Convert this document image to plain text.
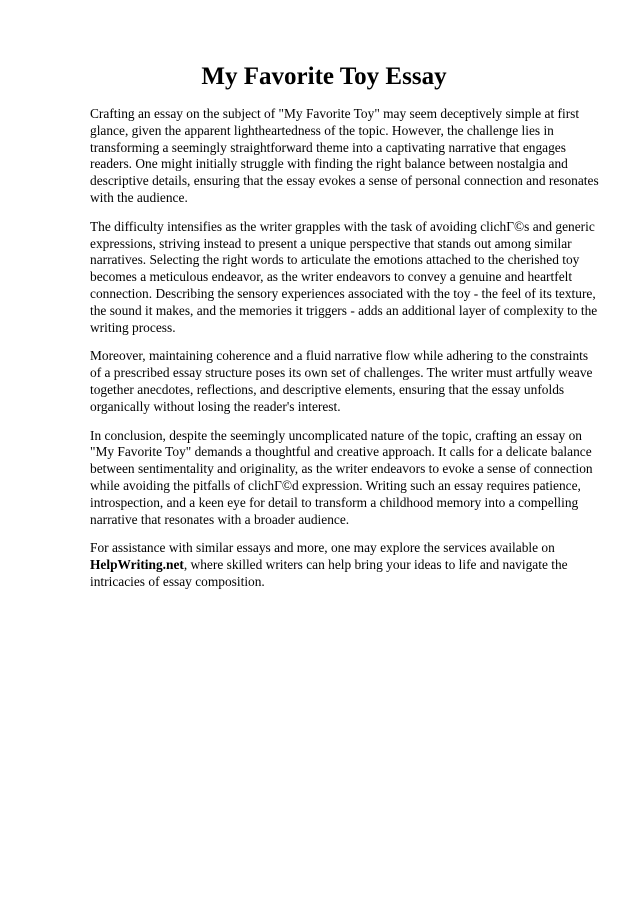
My Favorite Toy Essay

Crafting an essay on the subject of "My Favorite Toy" may seem deceptively simple at first glance, given the apparent lightheartedness of the topic. However, the challenge lies in transforming a seemingly straightforward theme into a captivating narrative that engages readers. One might initially struggle with finding the right balance between nostalgia and descriptive details, ensuring that the essay evokes a sense of personal connection and resonates with the audience.

The difficulty intensifies as the writer grapples with the task of avoiding clichΓ©s and generic expressions, striving instead to present a unique perspective that stands out among similar narratives. Selecting the right words to articulate the emotions attached to the cherished toy becomes a meticulous endeavor, as the writer endeavors to convey a genuine and heartfelt connection. Describing the sensory experiences associated with the toy - the feel of its texture, the sound it makes, and the memories it triggers - adds an additional layer of complexity to the writing process.

Moreover, maintaining coherence and a fluid narrative flow while adhering to the constraints of a prescribed essay structure poses its own set of challenges. The writer must artfully weave together anecdotes, reflections, and descriptive elements, ensuring that the essay unfolds organically without losing the reader's interest.

In conclusion, despite the seemingly uncomplicated nature of the topic, crafting an essay on "My Favorite Toy" demands a thoughtful and creative approach. It calls for a delicate balance between sentimentality and originality, as the writer endeavors to evoke a sense of connection while avoiding the pitfalls of clichΓ©d expression. Writing such an essay requires patience, introspection, and a keen eye for detail to transform a childhood memory into a compelling narrative that resonates with a broader audience.

For assistance with similar essays and more, one may explore the services available on HelpWriting.net, where skilled writers can help bring your ideas to life and navigate the intricacies of essay composition.
